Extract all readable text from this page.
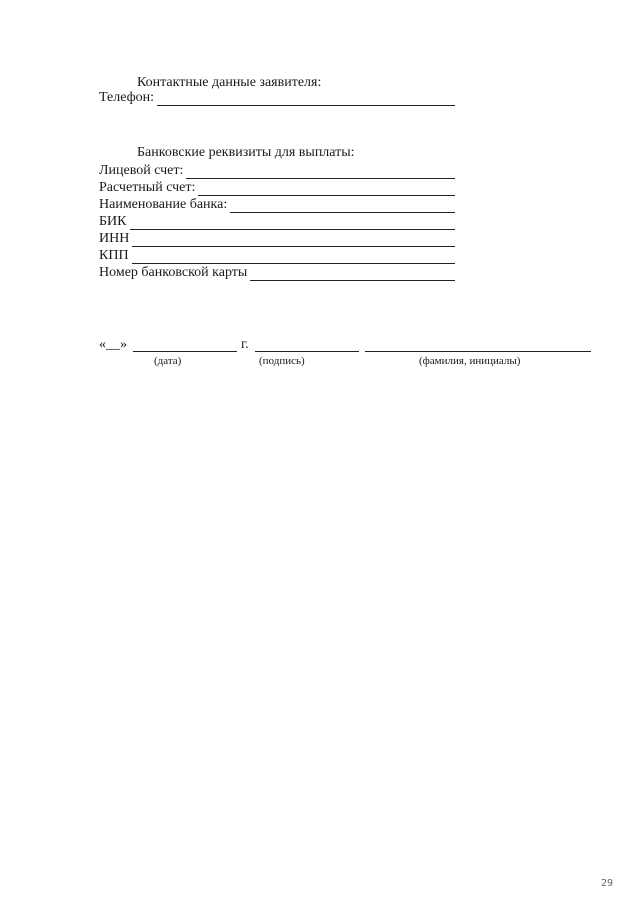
Контактные данные заявителя:
Телефон:
Банковские реквизиты для выплаты:
Лицевой счет:
Расчетный счет:
Наименование банка:
БИК
ИНН
КПП
Номер банковской карты
«__»	г.
(дата)	(подпись)	(фамилия, инициалы)
29
